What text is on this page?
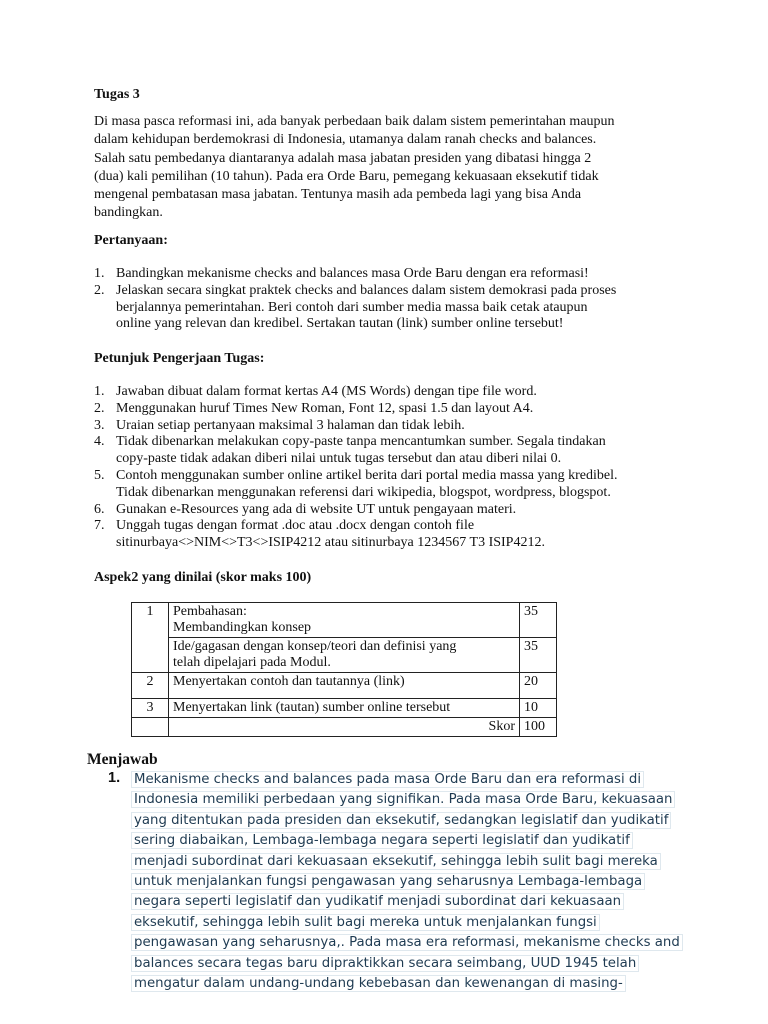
Tugas 3
Di masa pasca reformasi ini, ada banyak perbedaan baik dalam sistem pemerintahan maupun
dalam kehidupan berdemokrasi di Indonesia, utamanya dalam ranah checks and balances.
Salah satu pembedanya diantaranya adalah masa jabatan presiden yang dibatasi hingga 2
(dua) kali pemilihan (10 tahun). Pada era Orde Baru, pemegang kekuasaan eksekutif tidak
mengenal pembatasan masa jabatan. Tentunya masih ada pembeda lagi yang bisa Anda
bandingkan.
Pertanyaan:
1. Bandingkan mekanisme checks and balances masa Orde Baru dengan era reformasi!
2. Jelaskan secara singkat praktek checks and balances dalam sistem demokrasi pada proses
berjalannya pemerintahan. Beri contoh dari sumber media massa baik cetak ataupun
online yang relevan dan kredibel. Sertakan tautan (link) sumber online tersebut!
Petunjuk Pengerjaan Tugas:
1. Jawaban dibuat dalam format kertas A4 (MS Words) dengan tipe file word.
2. Menggunakan huruf Times New Roman, Font 12, spasi 1.5 dan layout A4.
3. Uraian setiap pertanyaan maksimal 3 halaman dan tidak lebih.
4. Tidak dibenarkan melakukan copy-paste tanpa mencantumkan sumber. Segala tindakan
copy-paste tidak adakan diberi nilai untuk tugas tersebut dan atau diberi nilai 0.
5. Contoh menggunakan sumber online artikel berita dari portal media massa yang kredibel.
Tidak dibenarkan menggunakan referensi dari wikipedia, blogspot, wordpress, blogspot.
6. Gunakan e-Resources yang ada di website UT untuk pengayaan materi.
7. Unggah tugas dengan format .doc atau .docx dengan contoh file
sitinurbaya<>NIM<>T3<>ISIP4212 atau sitinurbaya 1234567 T3 ISIP4212.
Aspek2 yang dinilai (skor maks 100)
1	Pembahasan:
Membandingkan konsep	35

	Ide/gagasan dengan konsep/teori dan definisi yang
telah dipelajari pada Modul.	35
2	Menyertakan contoh dan tautannya (link)	20
3	Menyertakan link (tautan) sumber online tersebut	10
	Skor	100
Menjawab
1. Mekanisme checks and balances pada masa Orde Baru dan era reformasi di
Indonesia memiliki perbedaan yang signifikan. Pada masa Orde Baru, kekuasaan
yang ditentukan pada presiden dan eksekutif, sedangkan legislatif dan yudikatif
sering diabaikan, Lembaga-lembaga negara seperti legislatif dan yudikatif
menjadi subordinat dari kekuasaan eksekutif, sehingga lebih sulit bagi mereka
untuk menjalankan fungsi pengawasan yang seharusnya Lembaga-lembaga
negara seperti legislatif dan yudikatif menjadi subordinat dari kekuasaan
eksekutif, sehingga lebih sulit bagi mereka untuk menjalankan fungsi
pengawasan yang seharusnya,. Pada masa era reformasi, mekanisme checks and
balances secara tegas baru dipraktikkan secara seimbang, UUD 1945 telah
mengatur dalam undang-undang kebebasan dan kewenangan di masing-
